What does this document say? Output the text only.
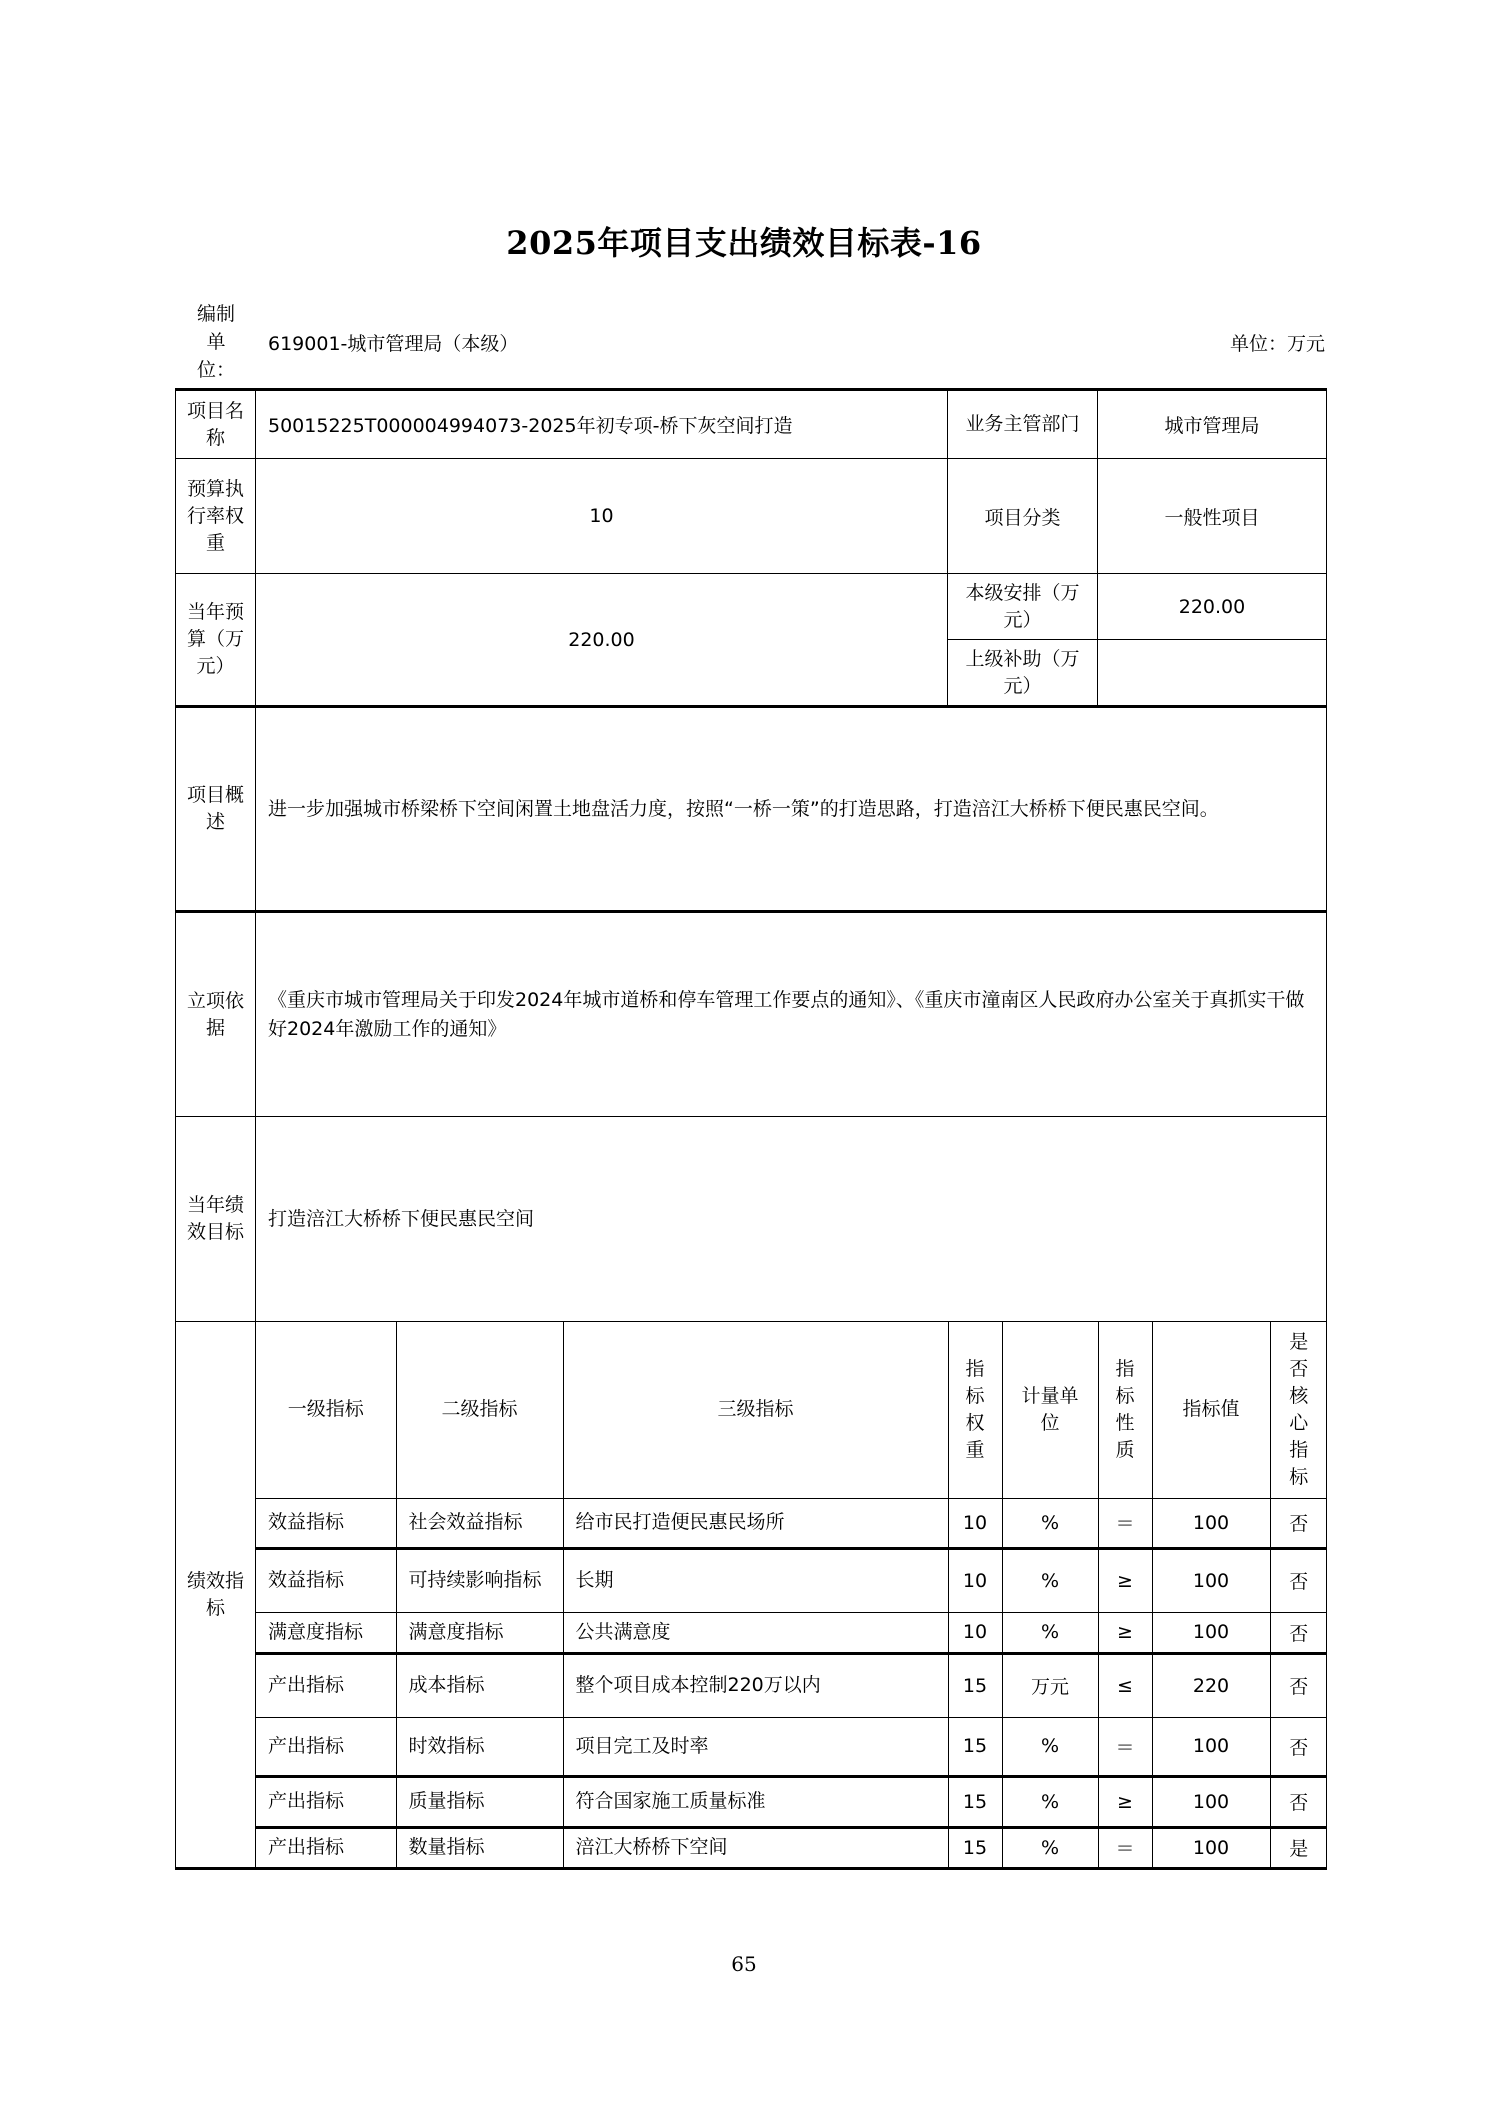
2025年项目支出绩效目标表-16
编制
单
位：
619001-城市管理局（本级）	单位：万元
项目名称	50015225T000004994073-2025年初专项-桥下灰空间打造	业务主管部门	城市管理局
预算执行率权重	10	项目分类	一般性项目
当年预算（万元）	220.00	本级安排（万元）	220.00
上级补助（万元）	
项目概述	进一步加强城市桥梁桥下空间闲置土地盘活力度，按照“一桥一策”的打造思路，打造涪江大桥桥下便民惠民空间。
立项依据	《重庆市城市管理局关于印发2024年城市道桥和停车管理工作要点的通知》、《重庆市潼南区人民政府办公室关于真抓实干做好2024年激励工作的通知》
当年绩效目标	打造涪江大桥桥下便民惠民空间
绩效指标	
一级指标	二级指标	三级指标	指标权重	计量单位	指标性质	指标值	是否核心指标
效益指标	社会效益指标	给市民打造便民惠民场所	10	%	＝	100	否
效益指标	可持续影响指标	长期	10	%	≥	100	否
满意度指标	满意度指标	公共满意度	10	%	≥	100	否
产出指标	成本指标	整个项目成本控制220万以内	15	万元	≤	220	否
产出指标	时效指标	项目完工及时率	15	%	＝	100	否
产出指标	质量指标	符合国家施工质量标准	15	%	≥	100	否
产出指标	数量指标	涪江大桥桥下空间	15	%	＝	100	是
65
